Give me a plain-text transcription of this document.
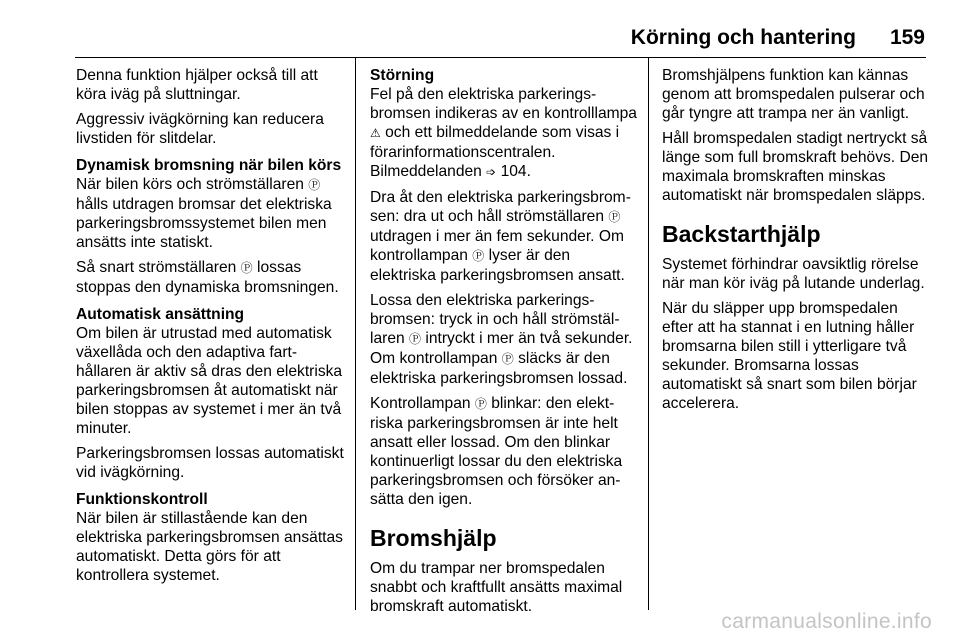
Körning och hantering 159

Denna funktion hjälper också till att köra iväg på sluttningar.

Aggressiv ivägkörning kan reducera livstiden för slitdelar.

Dynamisk bromsning när bilen körs

När bilen körs och strömställaren Ⓟ hålls utdragen bromsar det elektriska parkeringsbromssystemet bilen men ansätts inte statiskt.

Så snart strömställaren Ⓟ lossas stoppas den dynamiska bromsningen.

Automatisk ansättning

Om bilen är utrustad med automatisk växellåda och den adaptiva farthållaren är aktiv så dras den elektriska parkeringsbromsen åt automatiskt när bilen stoppas av systemet i mer än två minuter.

Parkeringsbromsen lossas automatiskt vid ivägkörning.

Funktionskontroll

När bilen är stillastående kan den elektriska parkeringsbromsen ansättas automatiskt. Detta görs för att kontrollera systemet.

Störning

Fel på den elektriska parkeringsbromsen indikeras av en kontrolllampa ⚠ och ett bilmeddelande som visas i förarinformationscentralen.
Bilmeddelanden ➩ 104.

Dra åt den elektriska parkeringsbromsen: dra ut och håll strömställaren Ⓟ utdragen i mer än fem sekunder. Om kontrollampan Ⓟ lyser är den elektriska parkeringsbromsen ansatt.

Lossa den elektriska parkeringsbromsen: tryck in och håll strömställaren Ⓟ intryckt i mer än två sekunder. Om kontrollampan Ⓟ släcks är den elektriska parkeringsbromsen lossad.

Kontrollampan Ⓟ blinkar: den elektriska parkeringsbromsen är inte helt ansatt eller lossad. Om den blinkar kontinuerligt lossar du den elektriska parkeringsbromsen och försöker ansätta den igen.

Bromshjälp

Om du trampar ner bromspedalen snabbt och kraftfullt ansätts maximal bromskraft automatiskt.

Bromshjälpens funktion kan kännas genom att bromspedalen pulserar och går tyngre att trampa ner än vanligt.

Håll bromspedalen stadigt nertryckt så länge som full bromskraft behövs. Den maximala bromskraften minskas automatiskt när bromspedalen släpps.

Backstarthjälp

Systemet förhindrar oavsiktlig rörelse när man kör iväg på lutande underlag.

När du släpper upp bromspedalen efter att ha stannat i en lutning håller bromsarna bilen still i ytterligare två sekunder. Bromsarna lossas automatiskt så snart som bilen börjar accelerera.

carmanualsonline.info
